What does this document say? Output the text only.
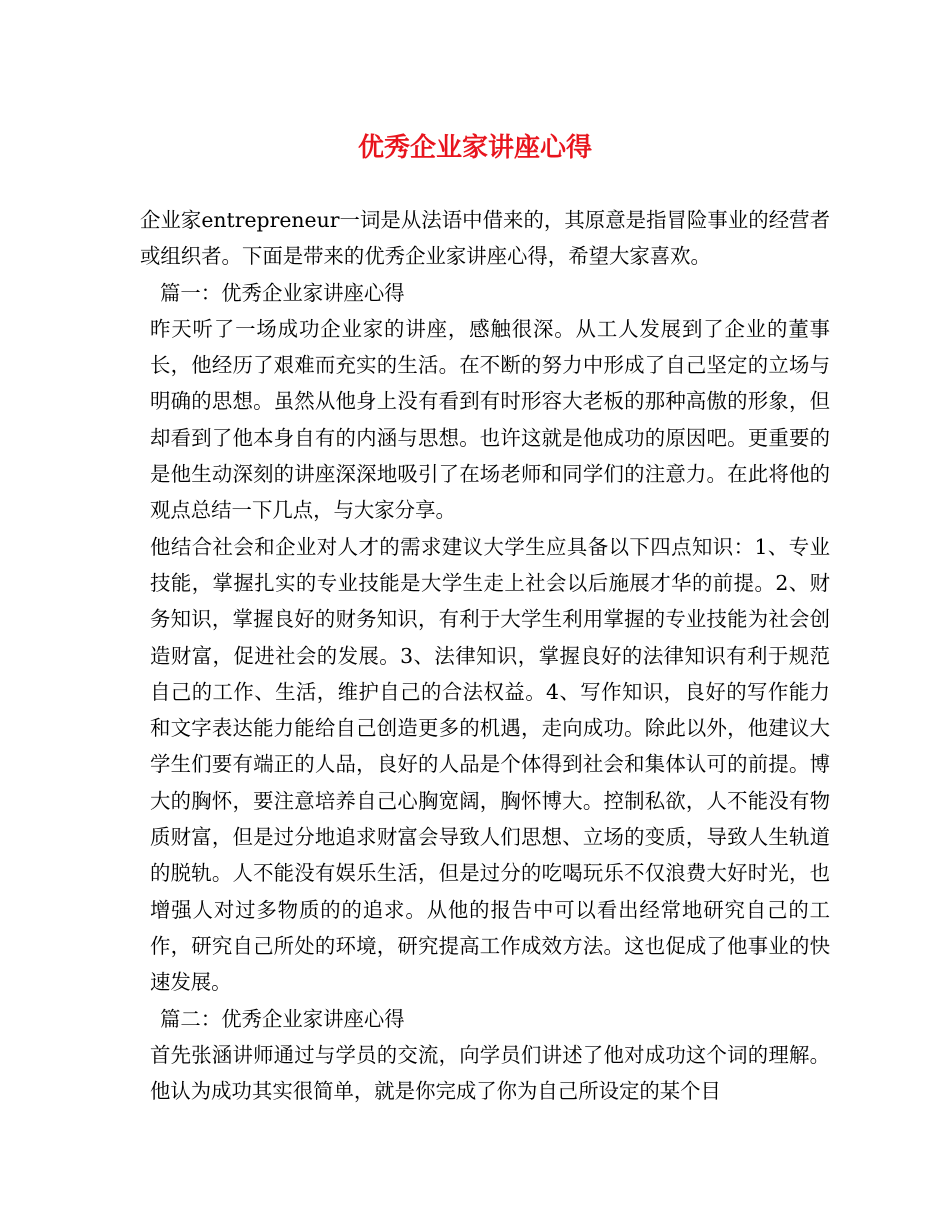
优秀企业家讲座心得

企业家entrepreneur一词是从法语中借来的，其原意是指冒险事业的经营者或组织者。下面是带来的优秀企业家讲座心得，希望大家喜欢。

篇一：优秀企业家讲座心得

昨天听了一场成功企业家的讲座，感触很深。从工人发展到了企业的董事长，他经历了艰难而充实的生活。在不断的努力中形成了自己坚定的立场与明确的思想。虽然从他身上没有看到有时形容大老板的那种高傲的形象，但却看到了他本身自有的内涵与思想。也许这就是他成功的原因吧。更重要的是他生动深刻的讲座深深地吸引了在场老师和同学们的注意力。在此将他的观点总结一下几点，与大家分享。

他结合社会和企业对人才的需求建议大学生应具备以下四点知识：1、专业技能，掌握扎实的专业技能是大学生走上社会以后施展才华的前提。2、财务知识，掌握良好的财务知识，有利于大学生利用掌握的专业技能为社会创造财富，促进社会的发展。3、法律知识，掌握良好的法律知识有利于规范自己的工作、生活，维护自己的合法权益。4、写作知识，良好的写作能力和文字表达能力能给自己创造更多的机遇，走向成功。除此以外，他建议大学生们要有端正的人品，良好的人品是个体得到社会和集体认可的前提。博大的胸怀，要注意培养自己心胸宽阔，胸怀博大。控制私欲，人不能没有物质财富，但是过分地追求财富会导致人们思想、立场的变质，导致人生轨道的脱轨。人不能没有娱乐生活，但是过分的吃喝玩乐不仅浪费大好时光，也增强人对过多物质的的追求。从他的报告中可以看出经常地研究自己的工作，研究自己所处的环境，研究提高工作成效方法。这也促成了他事业的快速发展。

篇二：优秀企业家讲座心得

首先张涵讲师通过与学员的交流，向学员们讲述了他对成功这个词的理解。他认为成功其实很简单，就是你完成了你为自己所设定的某个目
